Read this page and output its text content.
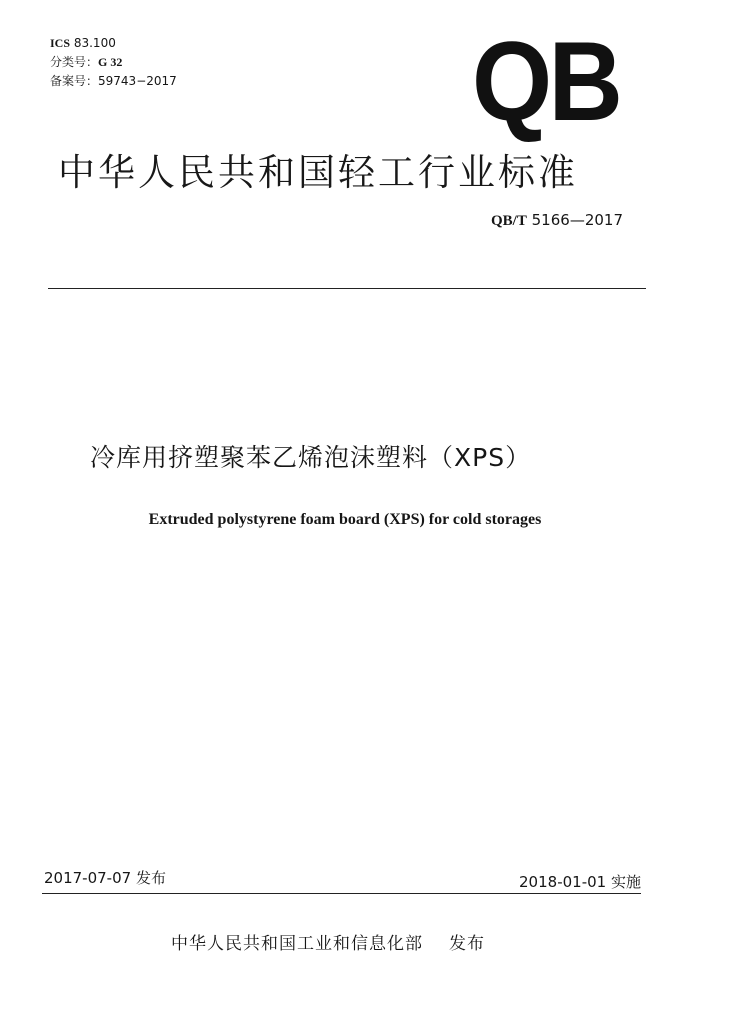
ICS 83.100
分类号：G 32
备案号：59743−2017	QB
中华人民共和国轻工行业标准
QB/T 5166—2017
冷库用挤塑聚苯乙烯泡沫塑料（XPS）
Extruded polystyrene foam board (XPS) for cold storages
2017-07-07 发布	2018-01-01 实施
中华人民共和国工业和信息化部 发布
